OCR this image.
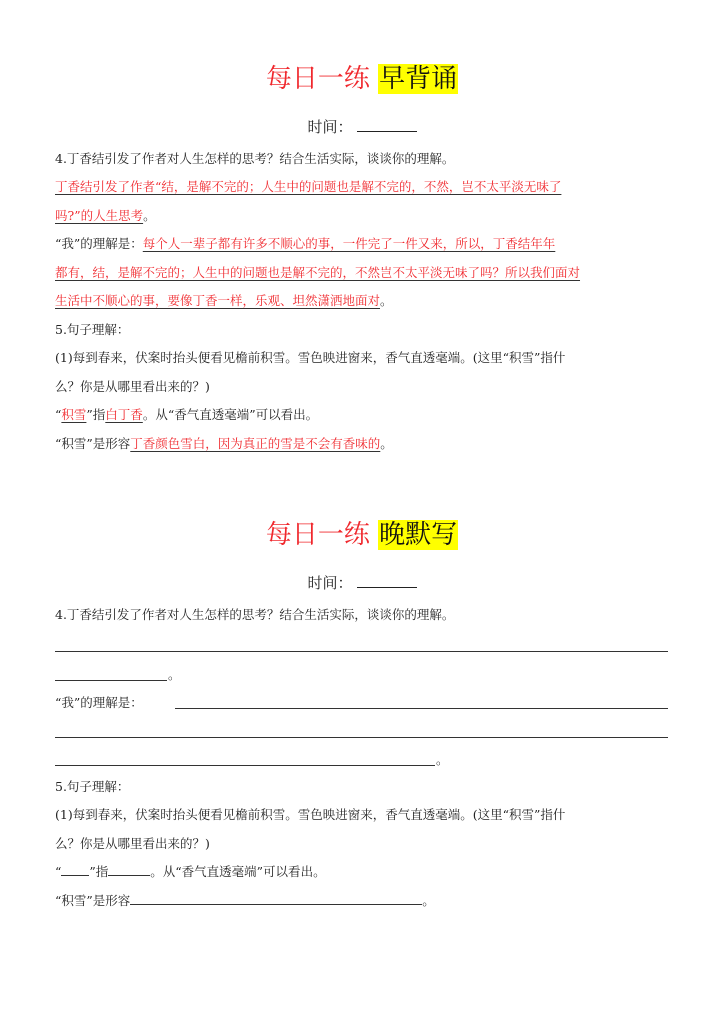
每日一练 早背诵
时间：
4.丁香结引发了作者对人生怎样的思考？结合生活实际，谈谈你的理解。
丁香结引发了作者“结，是解不完的；人生中的问题也是解不完的，不然，岂不太平淡无味了
吗?”的人生思考。
“我”的理解是：每个人一辈子都有许多不顺心的事，一件完了一件又来，所以，丁香结年年
都有，结，是解不完的；人生中的问题也是解不完的，不然岂不太平淡无味了吗？所以我们面对
生活中不顺心的事，要像丁香一样，乐观、坦然潇洒地面对。
5.句子理解：
(1)每到春来，伏案时抬头便看见檐前积雪。雪色映进窗来，香气直透毫端。(这里“积雪”指什
么？你是从哪里看出来的？)
“积雪”指白丁香。从“香气直透毫端”可以看出。
“积雪”是形容丁香颜色雪白，因为真正的雪是不会有香味的。
每日一练 晚默写
时间：
4.丁香结引发了作者对人生怎样的思考？结合生活实际，谈谈你的理解。
。
“我”的理解是：
。
5.句子理解：
(1)每到春来，伏案时抬头便看见檐前积雪。雪色映进窗来，香气直透毫端。(这里“积雪”指什
么？你是从哪里看出来的？)
“ ”指	。从“香气直透毫端”可以看出。
“积雪”是形容	。
